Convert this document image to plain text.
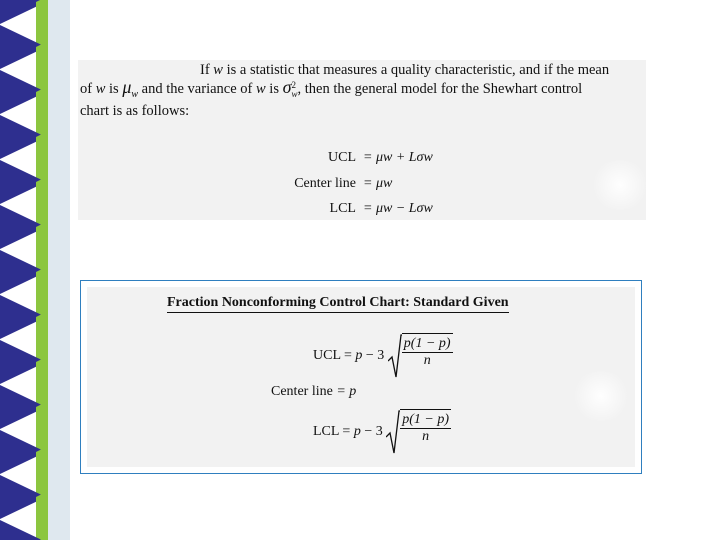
If w is a statistic that measures a quality characteristic, and if the mean
of w is $\mu_w$ and the variance of w is σ2
w, then the general model for the Shewhart control
chart is as follows:
UCL = μw + Lσw
Center line = μw
LCL = μw − Lσw
Fraction Nonconforming Control Chart: Standard Given
UCL = $p - 3 \frac{p(1 - p)}{n}$
Center line = p
LCL = $p - 3 \frac{p(1 - p)}{n}$
